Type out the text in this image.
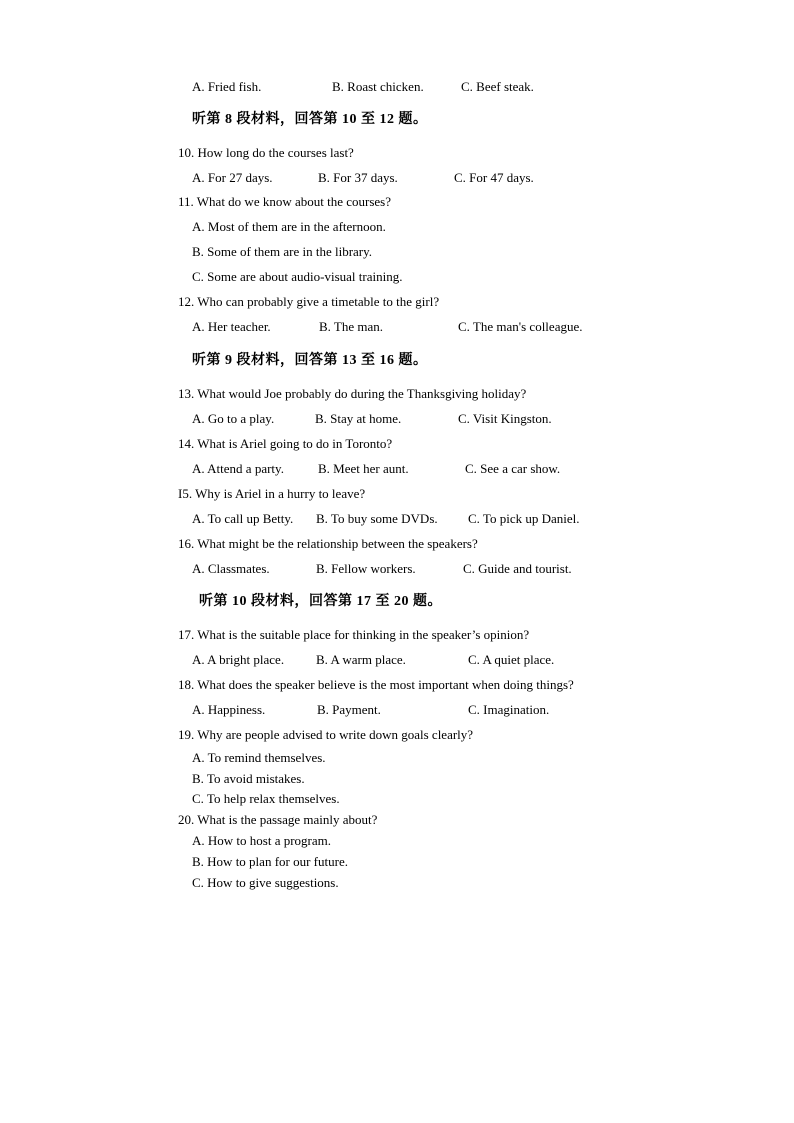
A. Fried fish.	B. Roast chicken.	C. Beef steak.
听第 8 段材料，回答第 10 至 12 题。
10. How long do the courses last?
A. For 27 days.	B. For 37 days.	C. For 47 days.
11. What do we know about the courses?
A. Most of them are in the afternoon.
B. Some of them are in the library.
C. Some are about audio-visual training.
12. Who can probably give a timetable to the girl?
A. Her teacher.	B. The man.	C. The man's colleague.
听第 9 段材料，回答第 13 至 16 题。
13. What would Joe probably do during the Thanksgiving holiday?
A. Go to a play.	B. Stay at home.	C. Visit Kingston.
14. What is Ariel going to do in Toronto?
A. Attend a party.	B. Meet her aunt.	C. See a car show.
I5. Why is Ariel in a hurry to leave?
A. To call up Betty. B. To buy some DVDs. C. To pick up Daniel.
16. What might be the relationship between the speakers?
A. Classmates.	B. Fellow workers.	C. Guide and tourist.
听第 10 段材料，回答第 17 至 20 题。
17. What is the suitable place for thinking in the speaker’s opinion?
A. A bright place. B. A warm place.	C. A quiet place.
18. What does the speaker believe is the most important when doing things?
A. Happiness.	B. Payment.	C. Imagination.
19. Why are people advised to write down goals clearly?
A. To remind themselves.
B. To avoid mistakes.
C. To help relax themselves.
20. What is the passage mainly about?
A. How to host a program.
B. How to plan for our future.
C. How to give suggestions.
